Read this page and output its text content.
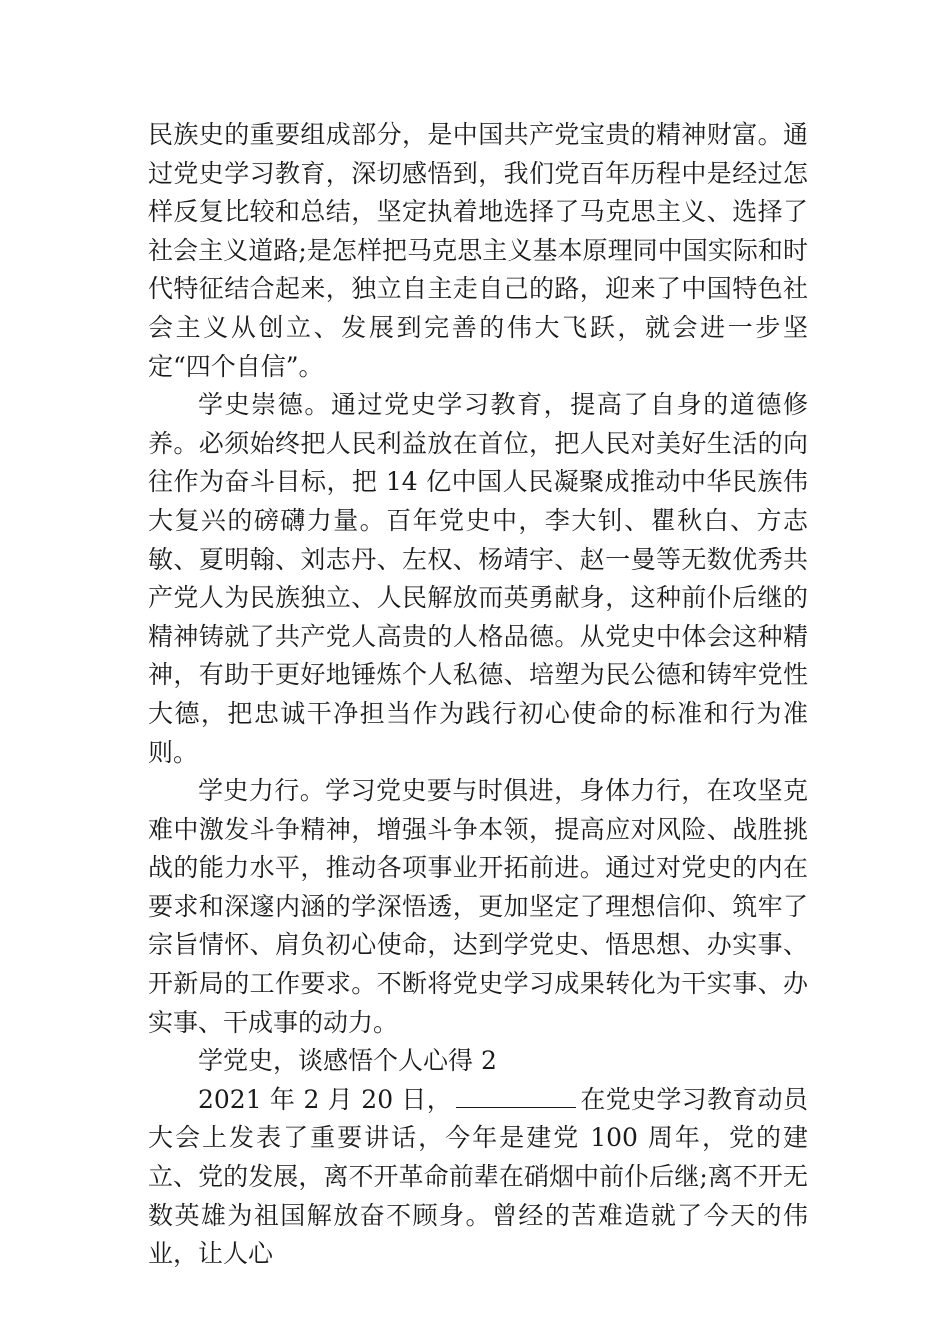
民族史的重要组成部分，是中国共产党宝贵的精神财富。通过党史学习教育，深切感悟到，我们党百年历程中是经过怎样反复比较和总结，坚定执着地选择了马克思主义、选择了社会主义道路;是怎样把马克思主义基本原理同中国实际和时代特征结合起来，独立自主走自己的路，迎来了中国特色社会主义从创立、发展到完善的伟大飞跃，就会进一步坚定“四个自信”。

学史崇德。通过党史学习教育，提高了自身的道德修养。必须始终把人民利益放在首位，把人民对美好生活的向往作为奋斗目标，把 14 亿中国人民凝聚成推动中华民族伟大复兴的磅礴力量。百年党史中，李大钊、瞿秋白、方志敏、夏明翰、刘志丹、左权、杨靖宇、赵一曼等无数优秀共产党人为民族独立、人民解放而英勇献身，这种前仆后继的精神铸就了共产党人高贵的人格品德。从党史中体会这种精神，有助于更好地锤炼个人私德、培塑为民公德和铸牢党性大德，把忠诚干净担当作为践行初心使命的标准和行为准则。

学史力行。学习党史要与时俱进，身体力行，在攻坚克难中激发斗争精神，增强斗争本领，提高应对风险、战胜挑战的能力水平，推动各项事业开拓前进。通过对党史的内在要求和深邃内涵的学深悟透，更加坚定了理想信仰、筑牢了宗旨情怀、肩负初心使命，达到学党史、悟思想、办实事、开新局的工作要求。不断将党史学习成果转化为干实事、办实事、干成事的动力。

学党史，谈感悟个人心得 2

2021 年 2 月 20 日，	在党史学习教育动员大会上发表了重要讲话，今年是建党 100 周年，党的建立、党的发展，离不开革命前辈在硝烟中前仆后继;离不开无数英雄为祖国解放奋不顾身。曾经的苦难造就了今天的伟业，让人心
